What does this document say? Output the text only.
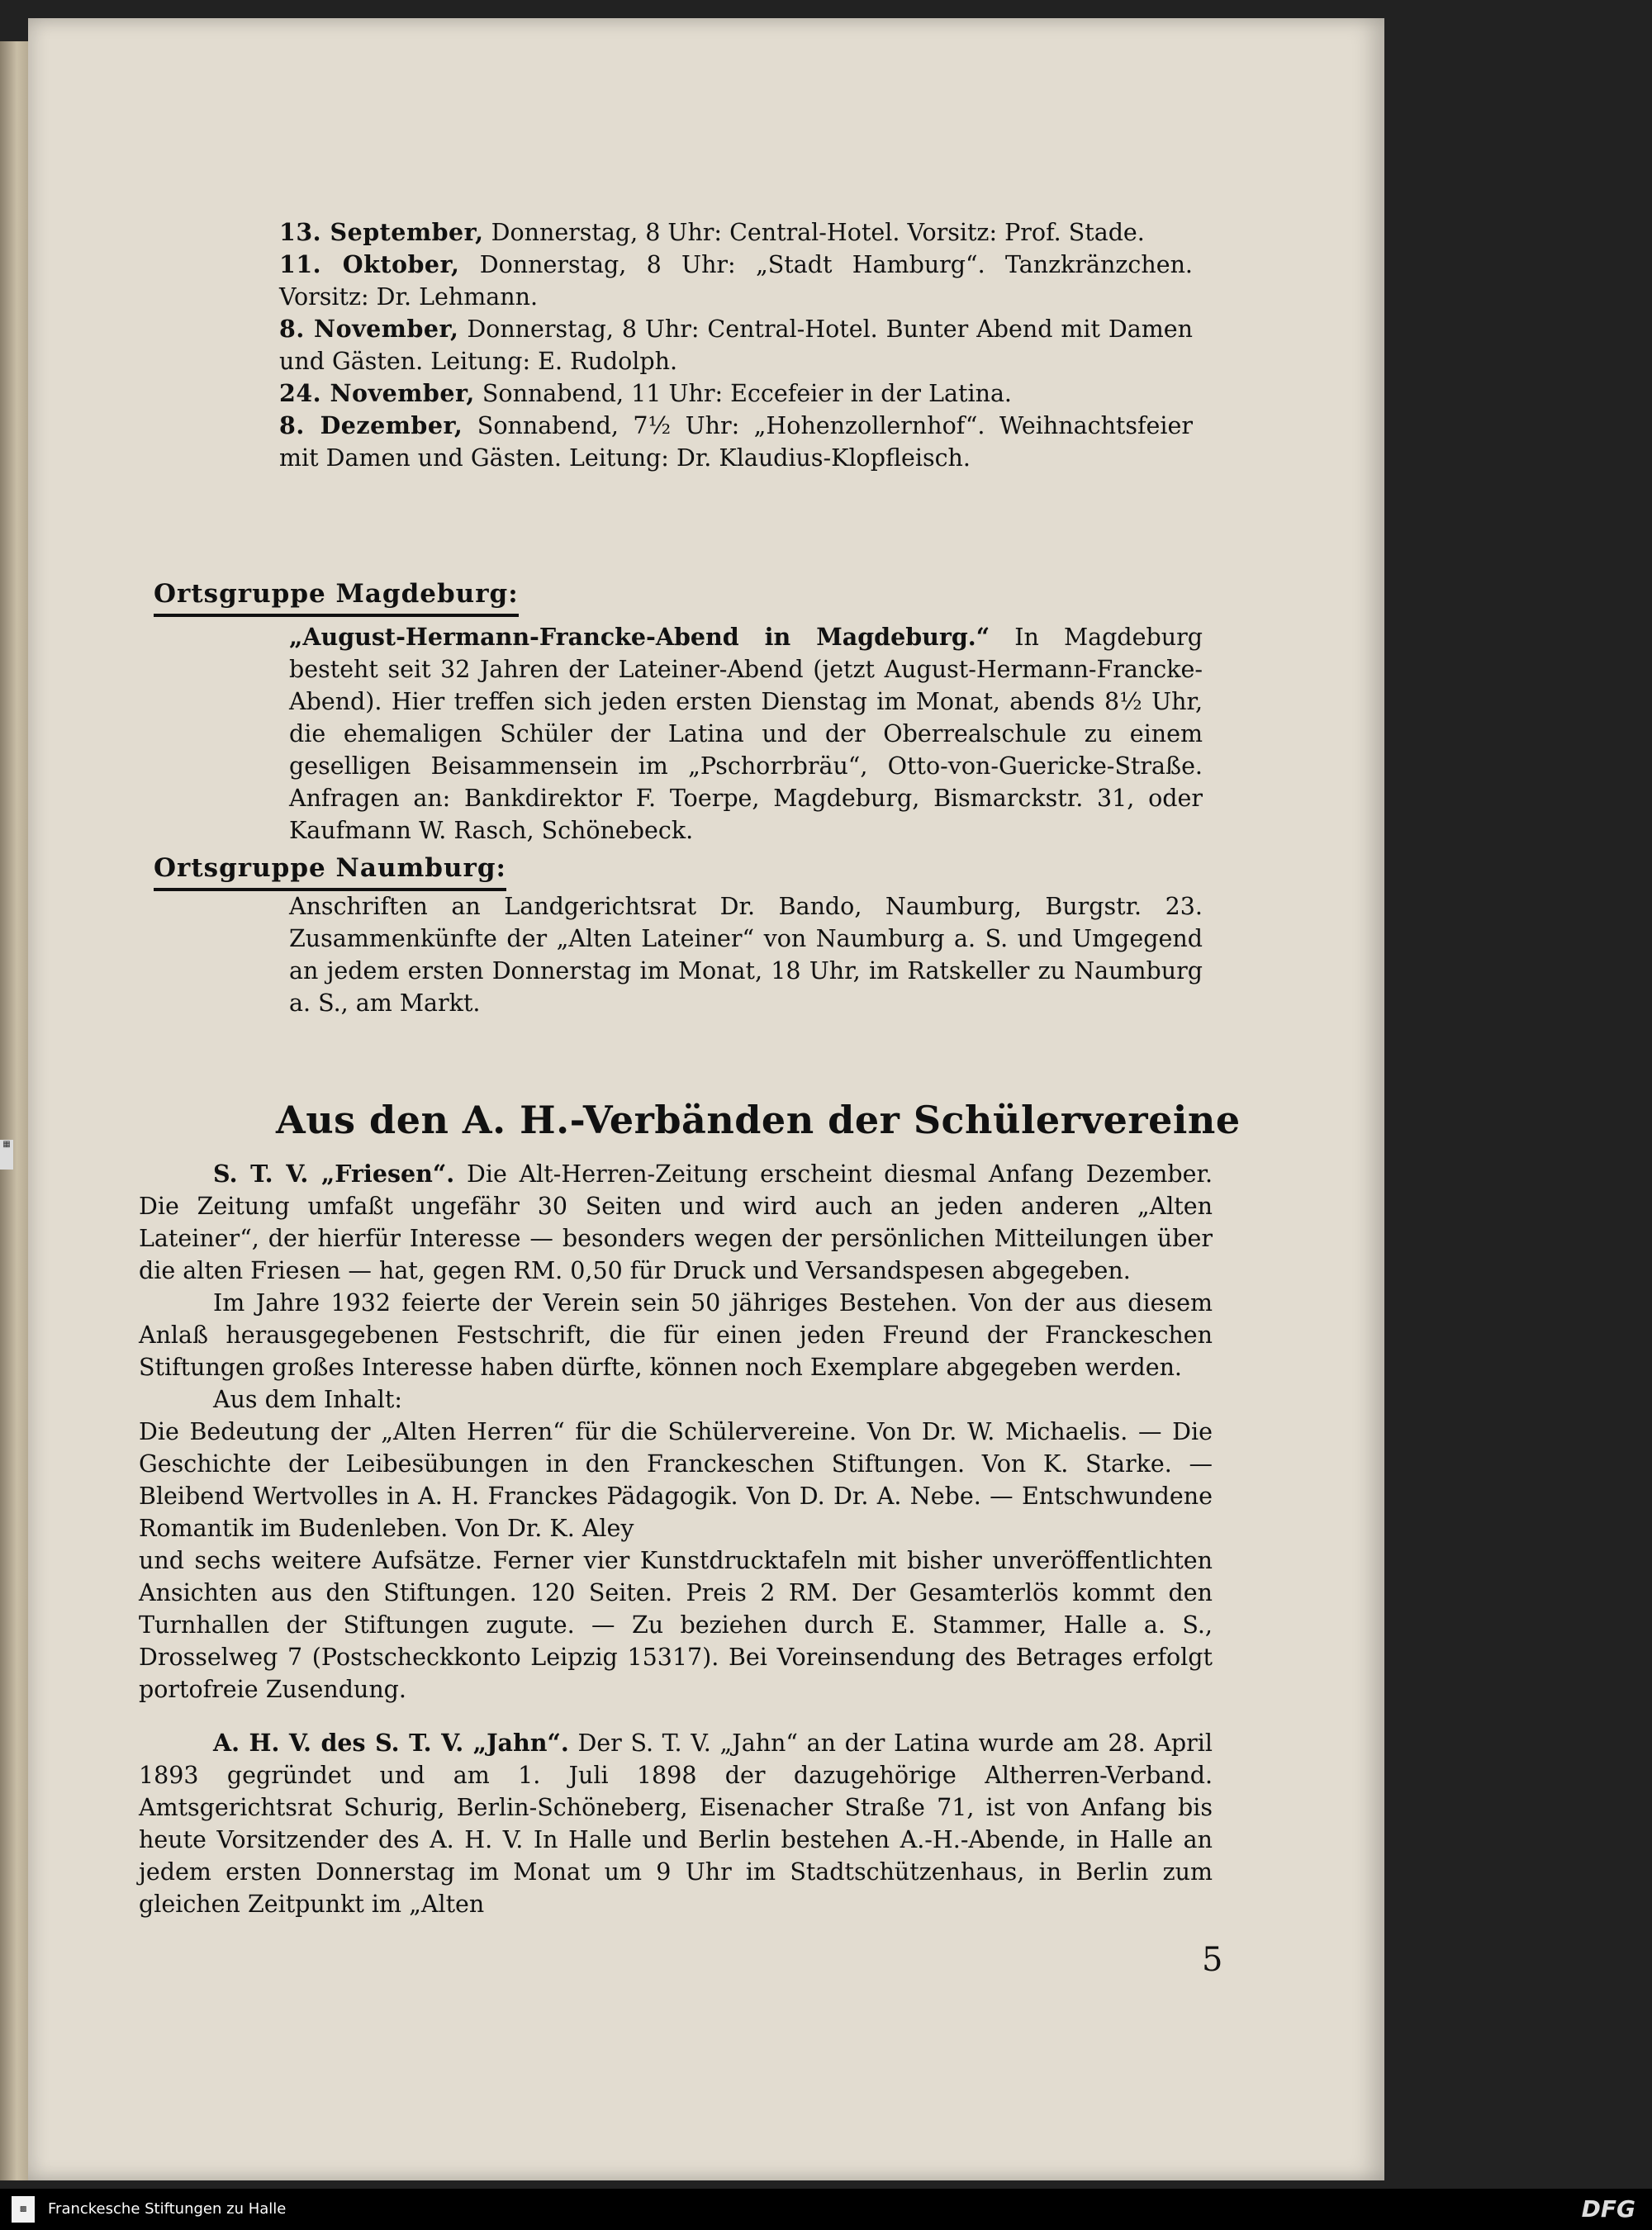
▦

13. September, Donnerstag, 8 Uhr: Central-Hotel. Vorsitz: Prof. Stade.

11. Oktober, Donnerstag, 8 Uhr: „Stadt Hamburg“. Tanzkränzchen. Vorsitz: Dr. Lehmann.

8. November, Donnerstag, 8 Uhr: Central-Hotel. Bunter Abend mit Damen und Gästen. Leitung: E. Rudolph.

24. November, Sonnabend, 11 Uhr: Eccefeier in der Latina.

8. Dezember, Sonnabend, 7½ Uhr: „Hohenzollernhof“. Weihnachtsfeier mit Damen und Gästen. Leitung: Dr. Klaudius-Klopfleisch.

Ortsgruppe Magdeburg:

„August-Hermann-Francke-Abend in Magdeburg.“ In Magdeburg besteht seit 32 Jahren der Lateiner-Abend (jetzt August-Hermann-Francke-Abend). Hier treffen sich jeden ersten Dienstag im Monat, abends 8½ Uhr, die ehemaligen Schüler der Latina und der Oberrealschule zu einem geselligen Beisammensein im „Pschorrbräu“, Otto-von-Guericke-Straße. Anfragen an: Bankdirektor F. Toerpe, Magdeburg, Bismarckstr. 31, oder Kaufmann W. Rasch, Schönebeck.

Ortsgruppe Naumburg:

Anschriften an Landgerichtsrat Dr. Bando, Naumburg, Burgstr. 23. Zusammenkünfte der „Alten Lateiner“ von Naumburg a. S. und Umgegend an jedem ersten Donnerstag im Monat, 18 Uhr, im Ratskeller zu Naumburg a. S., am Markt.

Aus den A. H.-Verbänden der Schülervereine

S. T. V. „Friesen“. Die Alt-Herren-Zeitung erscheint diesmal Anfang Dezember. Die Zeitung umfaßt ungefähr 30 Seiten und wird auch an jeden anderen „Alten Lateiner“, der hierfür Interesse — besonders wegen der persönlichen Mitteilungen über die alten Friesen — hat, gegen RM. 0,50 für Druck und Versandspesen abgegeben.

Im Jahre 1932 feierte der Verein sein 50 jähriges Bestehen. Von der aus diesem Anlaß herausgegebenen Festschrift, die für einen jeden Freund der Franckeschen Stiftungen großes Interesse haben dürfte, können noch Exemplare abgegeben werden.

Aus dem Inhalt:

Die Bedeutung der „Alten Herren“ für die Schülervereine. Von Dr. W. Michaelis. — Die Geschichte der Leibesübungen in den Franckeschen Stiftungen. Von K. Starke. — Bleibend Wertvolles in A. H. Franckes Pädagogik. Von D. Dr. A. Nebe. — Entschwundene Romantik im Budenleben. Von Dr. K. Aley

und sechs weitere Aufsätze. Ferner vier Kunstdrucktafeln mit bisher unveröffentlichten Ansichten aus den Stiftungen. 120 Seiten. Preis 2 RM. Der Gesamterlös kommt den Turnhallen der Stiftungen zugute. — Zu beziehen durch E. Stammer, Halle a. S., Drosselweg 7 (Postscheckkonto Leipzig 15317). Bei Voreinsendung des Betrages erfolgt portofreie Zusendung.

A. H. V. des S. T. V. „Jahn“. Der S. T. V. „Jahn“ an der Latina wurde am 28. April 1893 gegründet und am 1. Juli 1898 der dazugehörige Altherren-Verband. Amtsgerichtsrat Schurig, Berlin-Schöneberg, Eisenacher Straße 71, ist von Anfang bis heute Vorsitzender des A. H. V. In Halle und Berlin bestehen A.-H.-Abende, in Halle an jedem ersten Donnerstag im Monat um 9 Uhr im Stadtschützenhaus, in Berlin zum gleichen Zeitpunkt im „Alten

5
▩	Franckesche Stiftungen zu Halle	DFG
